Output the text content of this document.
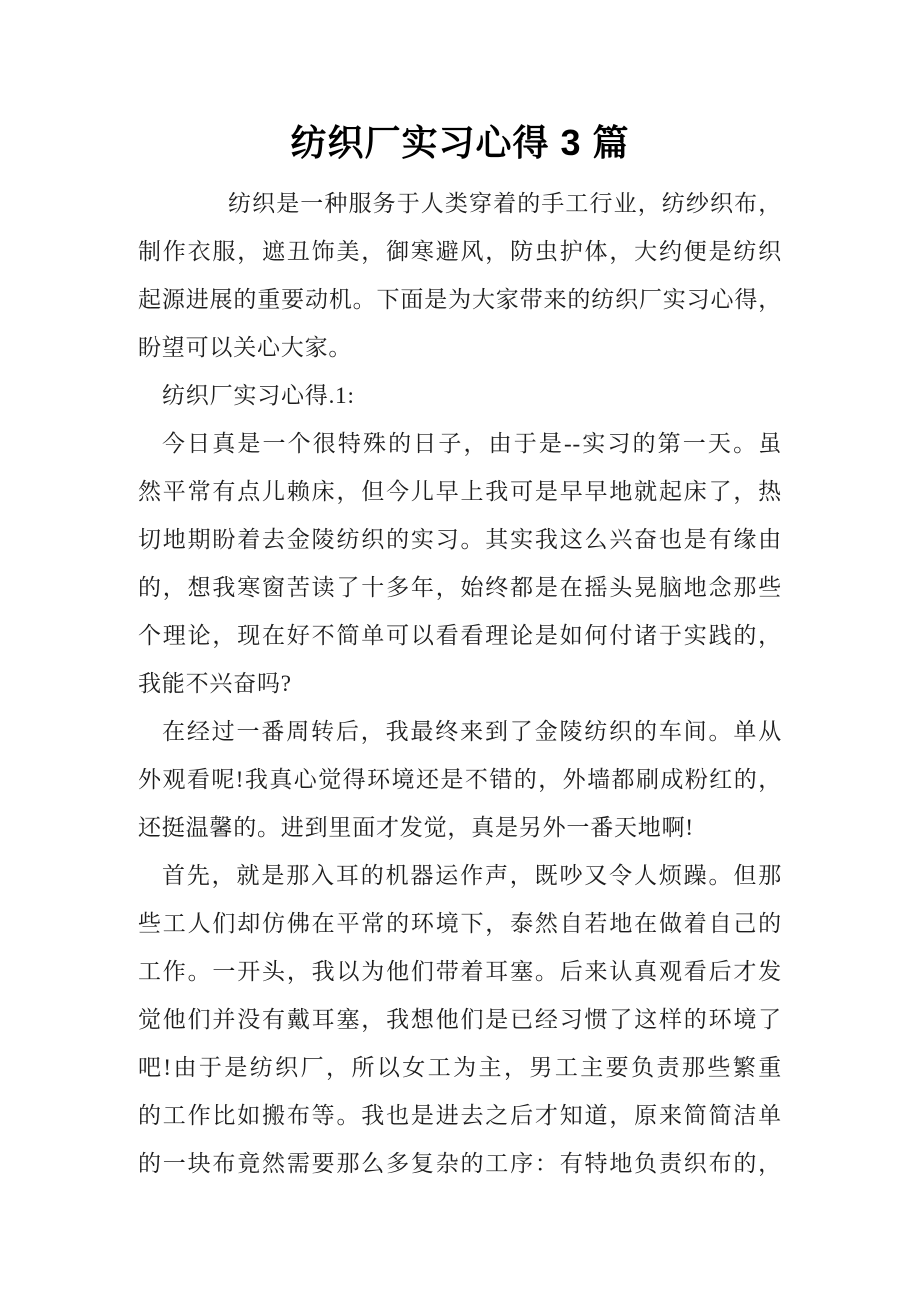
纺织厂实习心得 3 篇
纺织是一种服务于人类穿着的手工行业，纺纱织布，
制作衣服，遮丑饰美，御寒避风，防虫护体，大约便是纺织
起源进展的重要动机。下面是为大家带来的纺织厂实习心得，
盼望可以关心大家。
纺织厂实习心得.1:
今日真是一个很特殊的日子，由于是--实习的第一天。虽
然平常有点儿赖床，但今儿早上我可是早早地就起床了，热
切地期盼着去金陵纺织的实习。其实我这么兴奋也是有缘由
的，想我寒窗苦读了十多年，始终都是在摇头晃脑地念那些
个理论，现在好不简单可以看看理论是如何付诸于实践的，
我能不兴奋吗?
在经过一番周转后，我最终来到了金陵纺织的车间。单从
外观看呢!我真心觉得环境还是不错的，外墙都刷成粉红的，
还挺温馨的。进到里面才发觉，真是另外一番天地啊!
首先，就是那入耳的机器运作声，既吵又令人烦躁。但那
些工人们却仿佛在平常的环境下，泰然自若地在做着自己的
工作。一开头，我以为他们带着耳塞。后来认真观看后才发
觉他们并没有戴耳塞，我想他们是已经习惯了这样的环境了
吧!由于是纺织厂，所以女工为主，男工主要负责那些繁重
的工作比如搬布等。我也是进去之后才知道，原来简简洁单
的一块布竟然需要那么多复杂的工序：有特地负责织布的，
